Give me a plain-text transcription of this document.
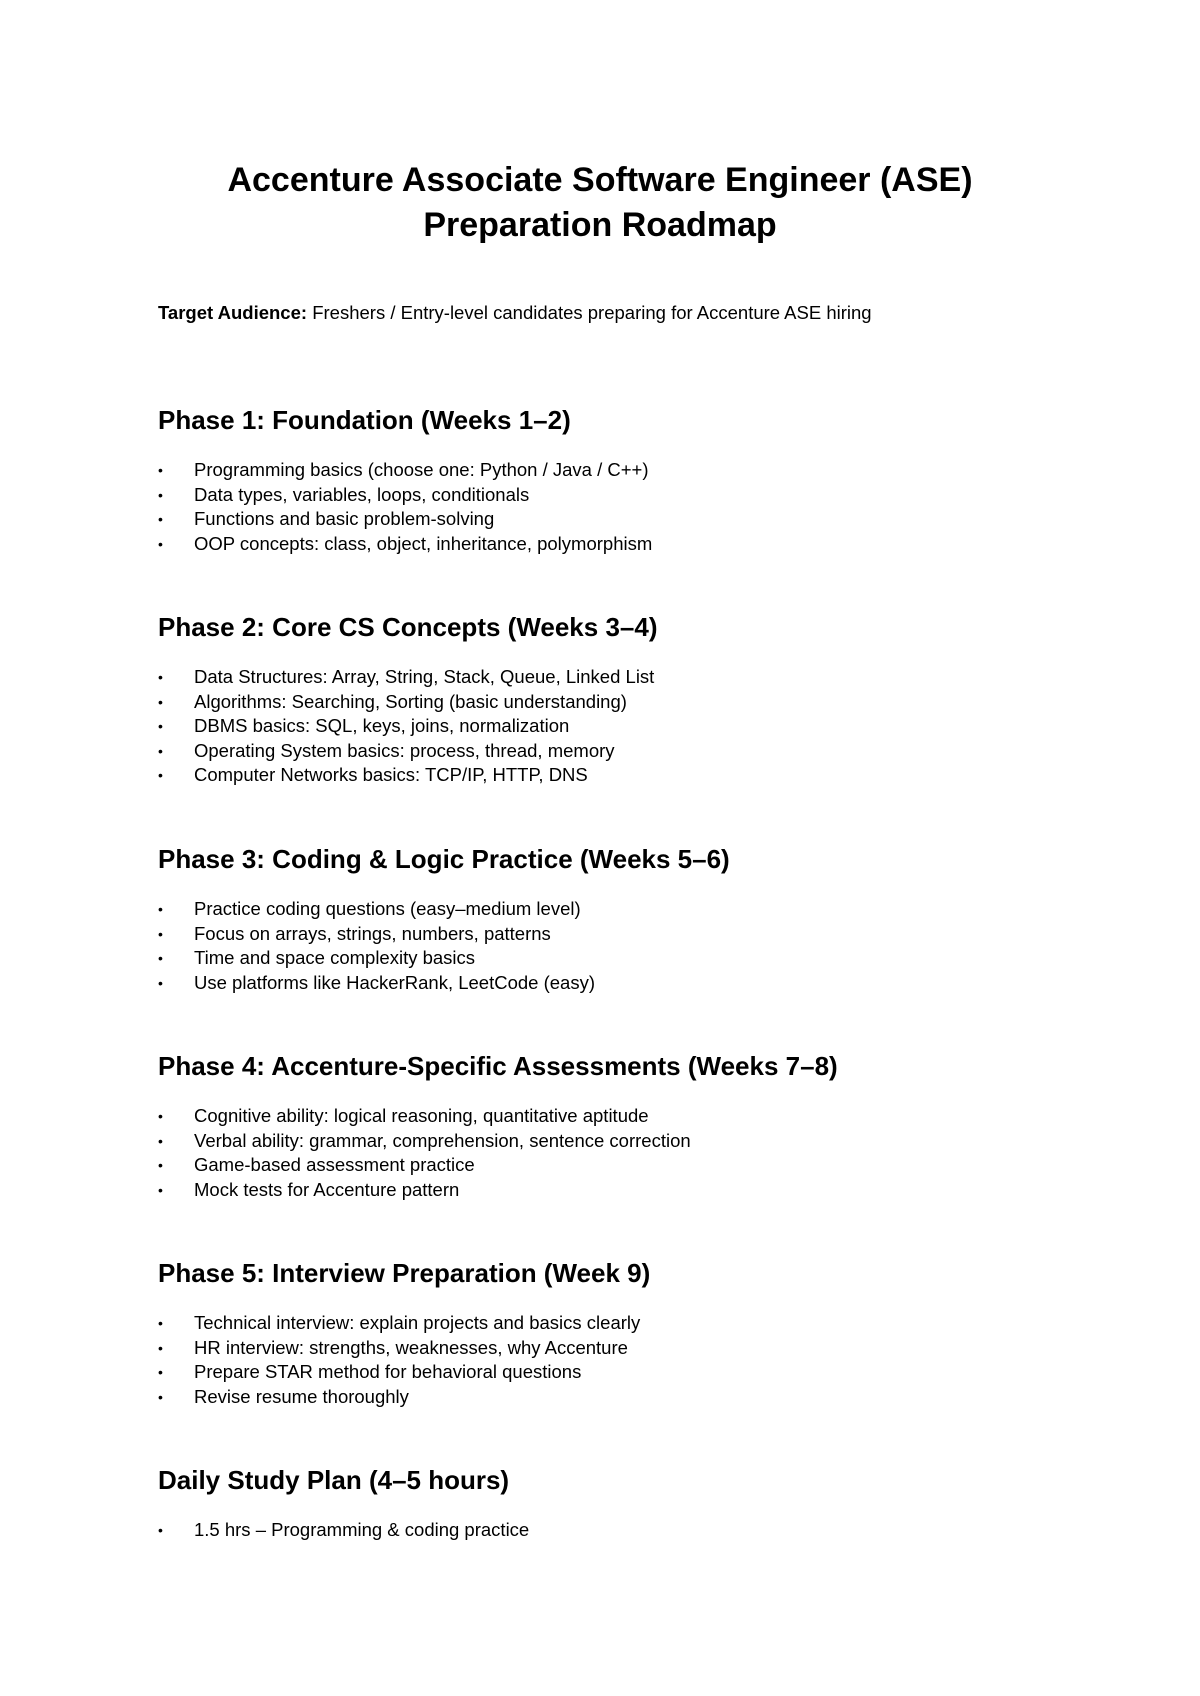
Accenture Associate Software Engineer (ASE)
Preparation Roadmap

Target Audience: Freshers / Entry-level candidates preparing for Accenture ASE hiring

Phase 1: Foundation (Weeks 1–2)
•	Programming basics (choose one: Python / Java / C++)
•	Data types, variables, loops, conditionals
•	Functions and basic problem-solving
•	OOP concepts: class, object, inheritance, polymorphism
Phase 2: Core CS Concepts (Weeks 3–4)
•	Data Structures: Array, String, Stack, Queue, Linked List
•	Algorithms: Searching, Sorting (basic understanding)
•	DBMS basics: SQL, keys, joins, normalization
•	Operating System basics: process, thread, memory
•	Computer Networks basics: TCP/IP, HTTP, DNS
Phase 3: Coding & Logic Practice (Weeks 5–6)
•	Practice coding questions (easy–medium level)
•	Focus on arrays, strings, numbers, patterns
•	Time and space complexity basics
•	Use platforms like HackerRank, LeetCode (easy)
Phase 4: Accenture-Specific Assessments (Weeks 7–8)
•	Cognitive ability: logical reasoning, quantitative aptitude
•	Verbal ability: grammar, comprehension, sentence correction
•	Game-based assessment practice
•	Mock tests for Accenture pattern
Phase 5: Interview Preparation (Week 9)
•	Technical interview: explain projects and basics clearly
•	HR interview: strengths, weaknesses, why Accenture
•	Prepare STAR method for behavioral questions
•	Revise resume thoroughly
Daily Study Plan (4–5 hours)
•	1.5 hrs – Programming & coding practice
